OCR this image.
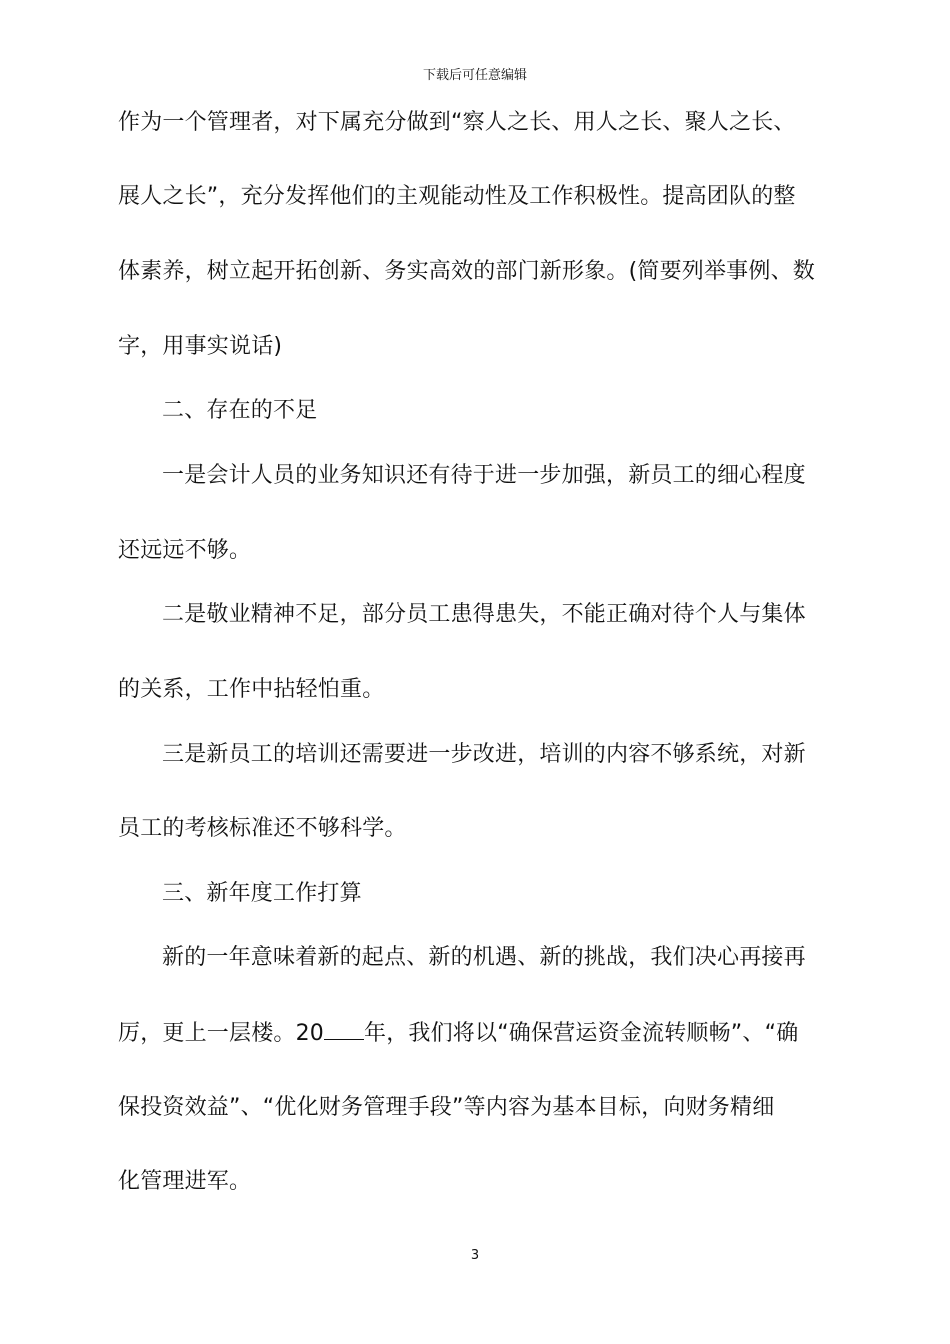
下载后可任意编辑
作为一个管理者，对下属充分做到“察人之长、用人之长、聚人之长、
展人之长”，充分发挥他们的主观能动性及工作积极性。提高团队的整
体素养，树立起开拓创新、务实高效的部门新形象。(简要列举事例、数
字，用事实说话)
二、存在的不足
一是会计人员的业务知识还有待于进一步加强，新员工的细心程度
还远远不够。
二是敬业精神不足，部分员工患得患失，不能正确对待个人与集体
的关系，工作中拈轻怕重。
三是新员工的培训还需要进一步改进，培训的内容不够系统，对新
员工的考核标准还不够科学。
三、新年度工作打算
新的一年意味着新的起点、新的机遇、新的挑战，我们决心再接再
厉，更上一层楼。20 年，我们将以“确保营运资金流转顺畅”、“确
保投资效益”、“优化财务管理手段”等内容为基本目标，向财务精细
化管理进军。
3
